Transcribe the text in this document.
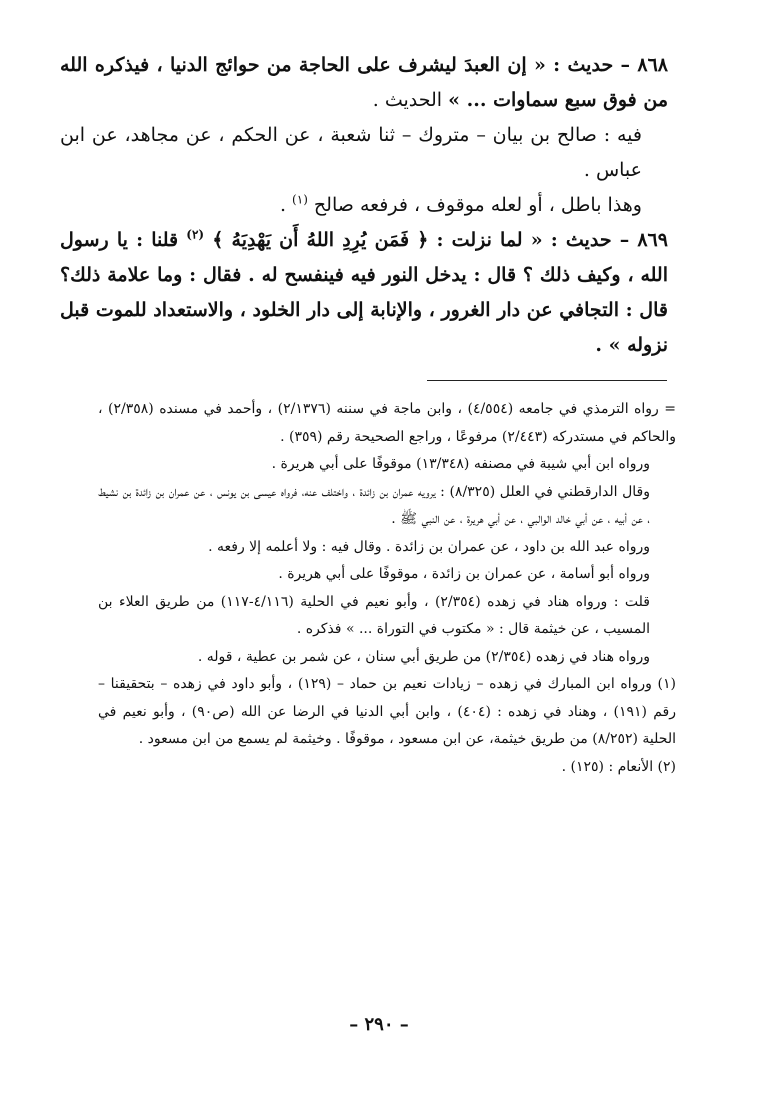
٨٦٨ – حديث : « إن العبدَ ليشرف على الحاجة من حوائج الدنيا ، فيذكره الله من فوق سبع سماوات ... » الحديث .

فيه : صالح بن بيان – متروك – ثنا شعبة ، عن الحكم ، عن مجاهد، عن ابن عباس .

وهذا باطل ، أو لعله موقوف ، فرفعه صالح $^{(١)}$ .

٨٦٩ – حديث : « لما نزلت : ﴿ فَمَن يُرِدِ اللهُ أَن يَهْدِيَهُ ﴾ $^{(٢)}$ قلنا : يا رسول الله ، وكيف ذلك ؟ قال : يدخل النور فيه فينفسح له . فقال : وما علامة ذلك؟ قال : التجافي عن دار الغرور ، والإنابة إلى دار الخلود ، والاستعداد للموت قبل نزوله » .

= رواه الترمذي في جامعه (٤/٥٥٤) ، وابن ماجة في سننه (٢/١٣٧٦) ، وأحمد في مسنده (٢/٣٥٨) ، والحاكم في مستدركه (٢/٤٤٣) مرفوعًا ، وراجع الصحيحة رقم (٣٥٩) .

ورواه ابن أبي شيبة في مصنفه (١٣/٣٤٨) موقوفًا على أبي هريرة .

وقال الدارقطني في العلل (٨/٣٢٥) : يرويه عمران بن زائدة ، واختلف عنه، فرواه عيسى بن يونس ، عن عمران بن زائدة بن نشيط ، عن أبيه ، عن أبي خالد الوالبي ، عن أبي هريرة ، عن النبي ﷺ .

ورواه عبد الله بن داود ، عن عمران بن زائدة . وقال فيه : ولا أعلمه إلا رفعه .

ورواه أبو أسامة ، عن عمران بن زائدة ، موقوفًا على أبي هريرة .

قلت : ورواه هناد في زهده (٢/٣٥٤) ، وأبو نعيم في الحلية (٤/١١٦-١١٧) من طريق العلاء بن المسيب ، عن خيثمة قال : « مكتوب في التوراة ... » فذكره .

ورواه هناد في زهده (٢/٣٥٤) من طريق أبي سنان ، عن شمر بن عطية ، قوله .

(١) ورواه ابن المبارك في زهده – زيادات نعيم بن حماد – (١٢٩) ، وأبو داود في زهده – بتحقيقنا – رقم (١٩١) ، وهناد في زهده : (٤٠٤) ، وابن أبي الدنيا في الرضا عن الله (ص٩٠) ، وأبو نعيم في الحلية (٨/٢٥٢) من طريق خيثمة، عن ابن مسعود ، موقوفًا . وخيثمة لم يسمع من ابن مسعود .

(٢) الأنعام : (١٢٥) .

– ٢٩٠ –
